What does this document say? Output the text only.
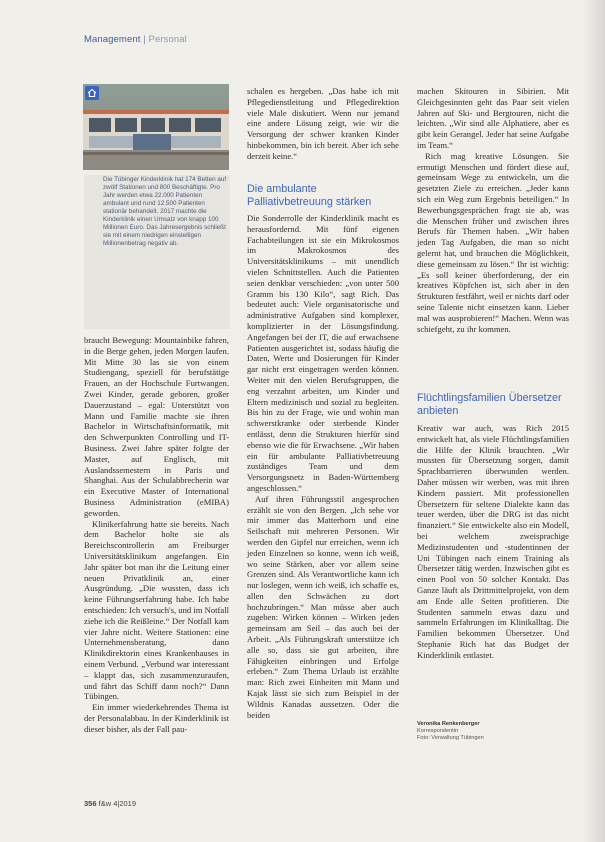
Management | Personal
Die Tübinger Kinderklinik hat 174 Betten auf zwölf Stationen und 800 Beschäftigte. Pro Jahr werden etwa 22.000 Patienten ambulant und rund 12.500 Patienten stationär behandelt. 2017 machte die Kinderklinik einen Umsatz von knapp 100 Millionen Euro. Das Jahresergebnis schließt sie mit einem niedrigen einstelligen Millionenbetrag negativ ab.

braucht Bewegung: Mountainbike fahren, in die Berge gehen, jeden Morgen laufen. Mit Mitte 30 las sie von einem Studiengang, speziell für berufstätige Frauen, an der Hochschule Furtwangen. Zwei Kinder, gerade geboren, großer Dauerzustand – egal: Unterstützt von Mann und Familie machte sie ihren Bachelor in Wirtschaftsinformatik, mit den Schwerpunkten Controlling und IT-Business. Zwei Jahre später folgte der Master, auf Englisch, mit Auslandssemestern in Paris und Shanghai. Aus der Schulabbrecherin war ein Executive Master of International Business Administration (eMIBA) geworden.

Klinikerfahrung hatte sie bereits. Nach dem Bachelor holte sie als Bereichscontrollerin am Freiburger Universitätsklinikum angefangen. Ein Jahr später bot man ihr die Leitung einer neuen Privatklinik an, einer Ausgründung. „Die wussten, dass ich keine Führungserfahrung habe. Ich habe entschieden: Ich versuch's, und im Notfall ziehe ich die Reißleine.“ Der Notfall kam vier Jahre nicht. Weitere Stationen: eine Unternehmensberatung, dann Klinikdirektorin eines Krankenhauses in einem Verbund. „Verbund war interessant – klappt das, sich zusammenzuraufen, und fährt das Schiff dann noch?“ Dann Tübingen.

Ein immer wiederkehrendes Thema ist der Personalabbau. In der Kinderklinik ist dieser bisher, als der Fall pau-

schalen es hergeben. „Das habe ich mit Pflegedienstleitung und Pflegedirektion viele Male diskutiert. Wenn nur jemand eine andere Lösung zeigt, wie wir die Versorgung der schwer kranken Kinder hinbekommen, bin ich bereit. Aber ich sehe derzeit keine.“

Die ambulante Palliativbetreuung stärken

Die Sonderrolle der Kinderklinik macht es herausfordernd. Mit fünf eigenen Fachabteilungen ist sie ein Mikrokosmos im Makrokosmos des Universitätsklinikums – mit unendlich vielen Schnittstellen. Auch die Patienten seien denkbar verschieden: „von unter 500 Gramm bis 130 Kilo“, sagt Rich. Das bedeutet auch: Viele organisatorische und administrative Aufgaben sind komplexer, komplizierter in der Lösungsfindung. Angefangen bei der IT, die auf erwachsene Patienten ausgerichtet ist, sodass häufig die Daten, Werte und Dosierungen für Kinder gar nicht erst eingetragen werden können. Weiter mit den vielen Berufsgruppen, die eng verzahnt arbeiten, um Kinder und Eltern medizinisch und sozial zu begleiten. Bis hin zu der Frage, wie und wohin man schwerstkranke oder sterbende Kinder entlässt, denn die Strukturen hierfür sind ebenso wie die für Erwachsene. „Wir haben ein für ambulante Palliativbetreuung zuständiges Team und dem Versorgungsnetz in Baden-Württemberg angeschlossen.“

Auf ihren Führungsstil angesprochen erzählt sie von den Bergen. „Ich sehe vor mir immer das Matterhorn und eine Seilschaft mit mehreren Personen. Wir werden den Gipfel nur erreichen, wenn ich jeden Einzelnen so konne, wenn ich weiß, wo seine Stärken, aber vor allem seine Grenzen sind. Als Verantwortliche kann ich nur loslegen, wenn ich weiß, ich schaffe es, allen den Schwächen zu dort hochzubringen.“ Man müsse aber auch zugeben: Wirken können – Wirken jeden gemeinsam am Seil – das auch bei der Arbeit. „Als Führungskraft unterstütze ich alle so, dass sie gut arbeiten, ihre Fähigkeiten einbringen und Erfolge erleben.“ Zum Thema Urlaub ist erzählte man: Rich zwei Einheiten mit Mann und Kajak lässt sie sich zum Beispiel in der Wildnis Kanadas aussetzen. Oder die beiden

machen Skitouren in Sibirien. Mit Gleichgesinnten geht das Paar seit vielen Jahren auf Ski- und Bergtouren, nicht die leichten. „Wir sind alle Alphatiere, aber es gibt kein Gerangel. Jeder hat seine Aufgabe im Team.“

Rich mag kreative Lösungen. Sie ermutigt Menschen und fördert diese auf, gemeinsam Wege zu entwickeln, um die gesetzten Ziele zu erreichen. „Jeder kann sich ein Weg zum Ergebnis beteiligen.“ In Bewerbungsgesprächen fragt sie ab, was die Menschen früher und zwischen ihres Berufs für Themen haben. „Wir haben jeden Tag Aufgaben, die man so nicht gelernt hat, und brauchen die Möglichkeit, diese gemeinsam zu lösen.“ Ihr ist wichtig: „Es soll keiner überforderung, der ein kreatives Köpfchen ist, sich aber in den Strukturen festfährt, weil er nichts darf oder seine Talente nicht einsetzen kann. Lieber mal was ausprobieren!“ Machen. Wenn was schiefgeht, zu ihr kommen.

Flüchtlingsfamilien Übersetzer anbieten

Kreativ war auch, was Rich 2015 entwickelt hat, als viele Flüchtlingsfamilien die Hilfe der Klinik brauchten. „Wir mussten für Übersetzung sorgen, damit Sprachbarrieren überwunden werden. Daher müssen wir werben, was mit ihren Kindern passiert. Mit professionellen Übersetzern für seltene Dialekte kann das teuer werden, über die DRG ist das nicht finanziert.“ Sie entwickelte also ein Modell, bei welchem zweisprachige Medizinstudenten und -studentinnen der Uni Tübingen nach einem Training als Übersetzer tätig werden. Inzwischen gibt es einen Pool von 50 solcher Kontakt. Das Ganze läuft als Drittmittelprojekt, von dem am Ende alle Seiten profitieren. Die Studenten sammeln etwas dazu und sammeln Erfahrungen im Klinikalltag. Die Familien bekommen Übersetzer. Und Stephanie Rich hat das Budget der Kinderklinik entlastet.

Veronika Renkenberger
Korrespondentin
Foto: Verwaltung Tübingen
356 f&w 4|2019
